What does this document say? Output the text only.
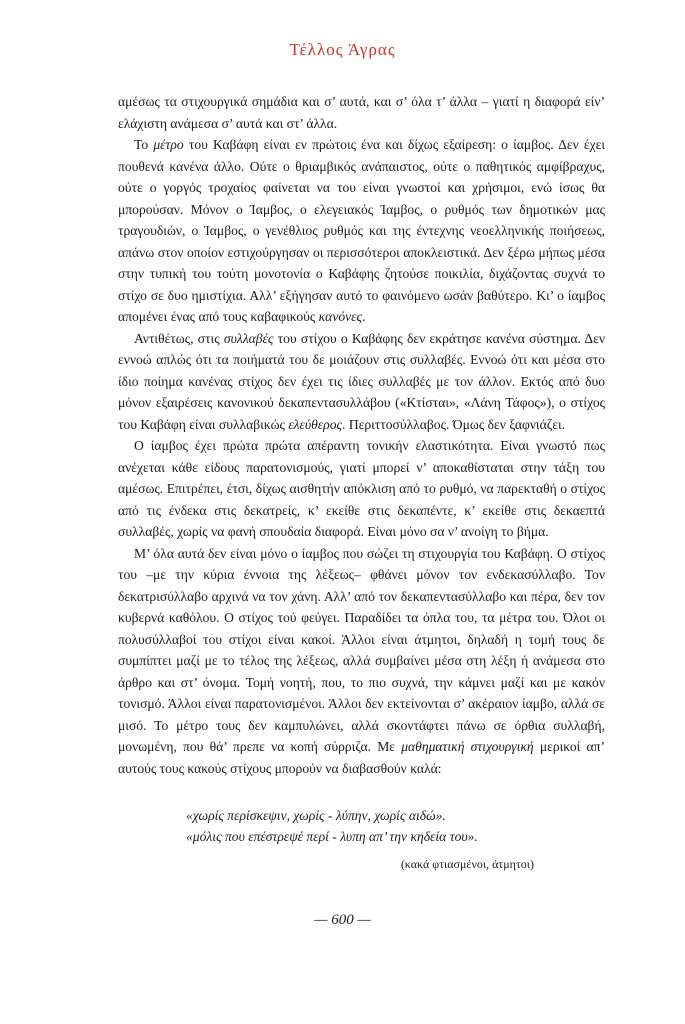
Τέλλος Άγρας

αμέσως τα στιχουργικά σημάδια και σ’ αυτά, και σ’ όλα τ’ άλλα – γιατί η διαφορά είν’ ελάχιστη ανάμεσα σ’ αυτά και στ’ άλλα.

Το μέτρο του Καβάφη είναι εν πρώτοις ένα και δίχως εξαίρεση: ο ίαμβος. Δεν έχει πουθενά κανένα άλλο. Ούτε ο θριαμβικός ανάπαιστος, ούτε ο παθητικός αμφίβραχυς, ούτε ο γοργός τροχαίος φαίνεται να του είναι γνωστοί και χρήσιμοι, ενώ ίσως θα μπορούσαν. Μόνον ο Ίαμβος, ο ελεγειακός Ίαμβος, ο ρυθμός των δημοτικών μας τραγουδιών, ο Ίαμβος, ο γενέθλιος ρυθμός και της έντεχνης νεοελληνικής ποιήσεως, απάνω στον οποίον εστιχούργησαν οι περισσότεροι αποκλειστικά. Δεν ξέρω μήπως μέσα στην τυπική του τούτη μονοτονία ο Καβάφης ζητούσε ποικιλία, διχάζοντας συχνά το στίχο σε δυο ημιστίχια. Αλλ’ εξήγησαν αυτό το φαινόμενο ωσάν βαθύτερο. Κι’ ο ίαμβος απομένει ένας από τους καβαφικούς κανόνες.

Αντιθέτως, στις συλλαβές του στίχου ο Καβάφης δεν εκράτησε κανένα σύστημα. Δεν εννοώ απλώς ότι τα ποιήματά του δε μοιάζουν στις συλλαβές. Εννοώ ότι και μέσα στο ίδιο ποίημα κανένας στίχος δεν έχει τις ίδιες συλλαβές με τον άλλον. Εκτός από δυο μόνον εξαιρέσεις κανονικού δεκαπεντασυλλάβου («Κτίσται», «Λάνη Τάφος»), ο στίχος του Καβάφη είναι συλλαβικώς ελεύθερος. Περιττοσύλλαβος. Όμως δεν ξαφνιάζει.

Ο ίαμβος έχει πρώτα πρώτα απέραντη τονικήν ελαστικότητα. Είναι γνωστό πως ανέχεται κάθε είδους παρατονισμούς, γιατί μπορεί ν’ αποκαθίσταται στην τάξη του αμέσως. Επιτρέπει, έτσι, δίχως αισθητήν απόκλιση από το ρυθμό, να παρεκταθή ο στίχος από τις ένδεκα στις δεκατρείς, κ’ εκείθε στις δεκαπέντε, κ’ εκείθε στις δεκαεπτά συλλαβές, χωρίς να φανή σπουδαία διαφορά. Είναι μόνο σα ν’ ανοίγη το βήμα.

Μ’ όλα αυτά δεν είναι μόνο ο ίαμβος που σώζει τη στιχουργία του Καβάφη. Ο στίχος του –με την κύρια έννοια της λέξεως– φθάνει μόνον τον ενδεκασύλλαβο. Τον δεκατρισύλλαβο αρχινά να τον χάνη. Αλλ’ από τον δεκαπεντασύλλαβο και πέρα, δεν τον κυβερνά καθόλου. Ο στίχος τού φεύγει. Παραδίδει τα όπλα του, τα μέτρα του. Όλοι οι πολυσύλλαβοί του στίχοι είναι κακοί. Άλλοι είναι άτμητοι, δηλαδή η τομή τους δε συμπίπτει μαζί με το τέλος της λέξεως, αλλά συμβαίνει μέσα στη λέξη ή ανάμεσα στο άρθρο και στ’ όνομα. Τομή νοητή, που, το πιο συχνά, την κάμνει μαζί και με κακόν τονισμό. Άλλοι είναι παρατονισμένοι. Άλλοι δεν εκτείνονται σ’ ακέραιον ίαμβο, αλλά σε μισό. Το μέτρο τους δεν καμπυλώνει, αλλά σκοντάφτει πάνω σε όρθια συλλαβή, μονωμένη, που θά’ πρεπε να κοπή σύρριζα. Με μαθηματική στιχουργική μερικοί απ’ αυτούς τους κακούς στίχους μπορούν να διαβασθούν καλά:

«χωρίς περίσκεψιν, χωρίς - λύπην, χωρίς αιδώ».
«μόλις που επέστρεψέ περί - λυπη απ’ την κηδεία του».
(κακά φτιασμένοι, άτμητοι)
— 600 —
